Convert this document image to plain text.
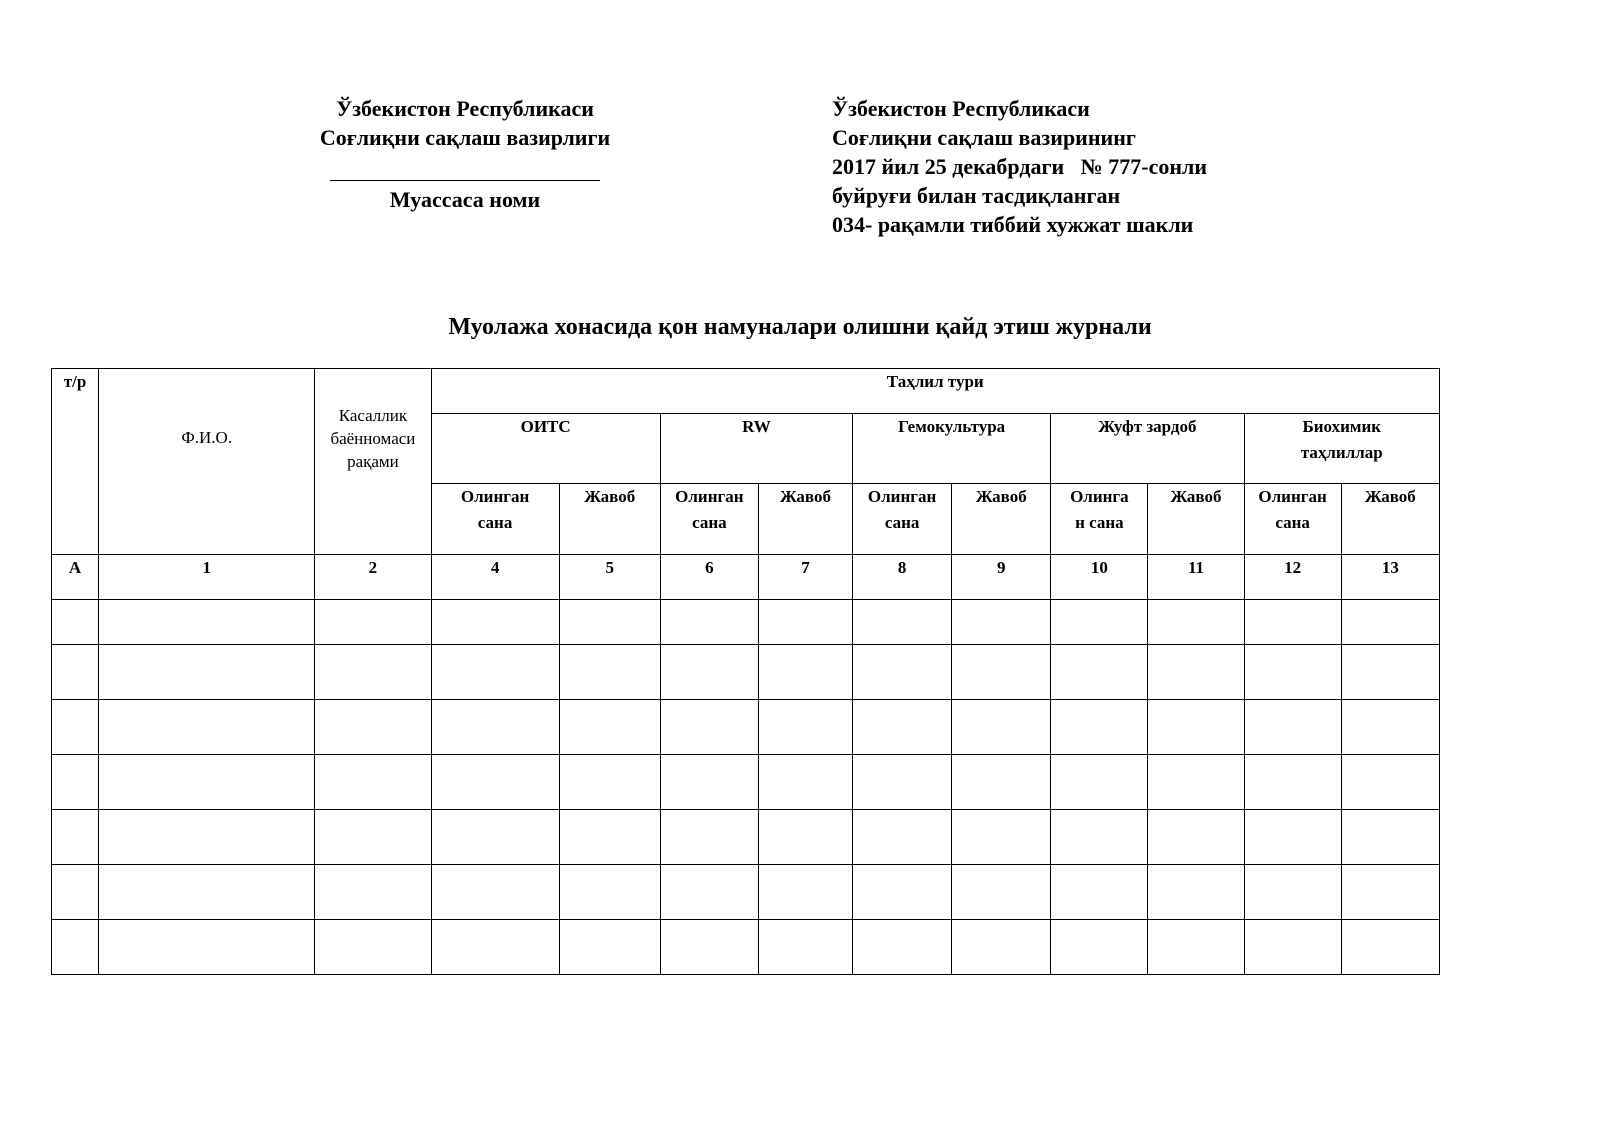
Ўзбекистон Республикаси
Соғлиқни сақлаш вазирлиги
Муассаса номи
Ўзбекистон Республикаси
Соғлиқни сақлаш вазирининг
2017 йил 25 декабрдаги   № 777-сонли
буйруғи билан тасдиқланган
034- рақамли тиббий хужжат шакли
Муолажа хонасида қон намуналари олишни қайд этиш журнали
т/р	Ф.И.О.	Касаллик баённомаси рақами	Таҳлил тури									
			ОИТС		RW		Гемокультура		Жуфт зардоб		Биохимик таҳлиллар	
			Олинган сана	Жавоб	Олинган сана	Жавоб	Олинган сана	Жавоб	Олинга н сана	Жавоб	Олинган сана	Жавоб
А	1	2	4	5	6	7	8	9	10	11	12	13
